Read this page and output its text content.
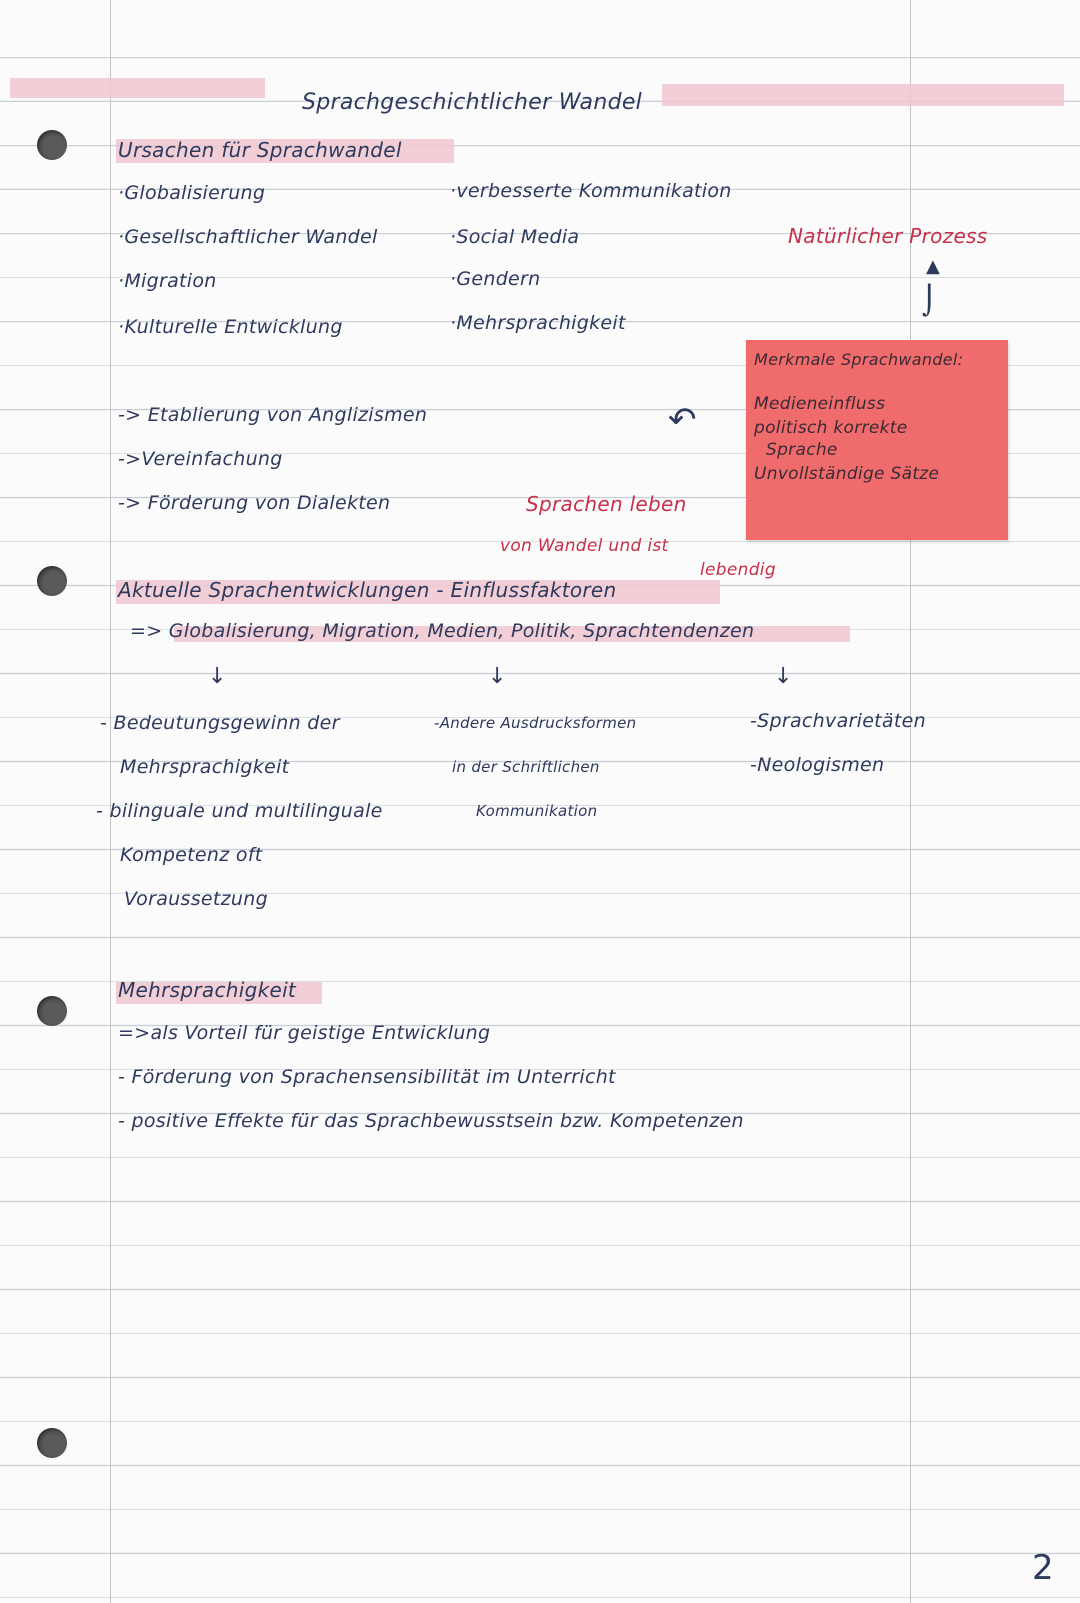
Sprachgeschichtlicher Wandel
Ursachen für Sprachwandel
·Globalisierung
·Gesellschaftlicher Wandel
·Migration
·Kulturelle Entwicklung
·verbesserte Kommunikation
·Social Media
·Gendern
·Mehrsprachigkeit
Natürlicher Prozess
▲
⌡
Merkmale Sprachwandel:
Medieneinfluss
politisch korrekte
Sprache
Unvollständige Sätze
↶
-> Etablierung von Anglizismen
->Vereinfachung
-> Förderung von Dialekten	Sprachen leben
von Wandel und ist
lebendig
Aktuelle Sprachentwicklungen - Einflussfaktoren
=> Globalisierung, Migration, Medien, Politik, Sprachtendenzen
↓	↓	↓
- Bedeutungsgewinn der
Mehrsprachigkeit
- bilinguale und multilinguale
Kompetenz oft
Voraussetzung
-Andere Ausdrucksformen
in der Schriftlichen
Kommunikation
-Sprachvarietäten
-Neologismen
Mehrsprachigkeit
=>als Vorteil für geistige Entwicklung
- Förderung von Sprachensensibilität im Unterricht
- positive Effekte für das Sprachbewusstsein bzw. Kompetenzen
2
